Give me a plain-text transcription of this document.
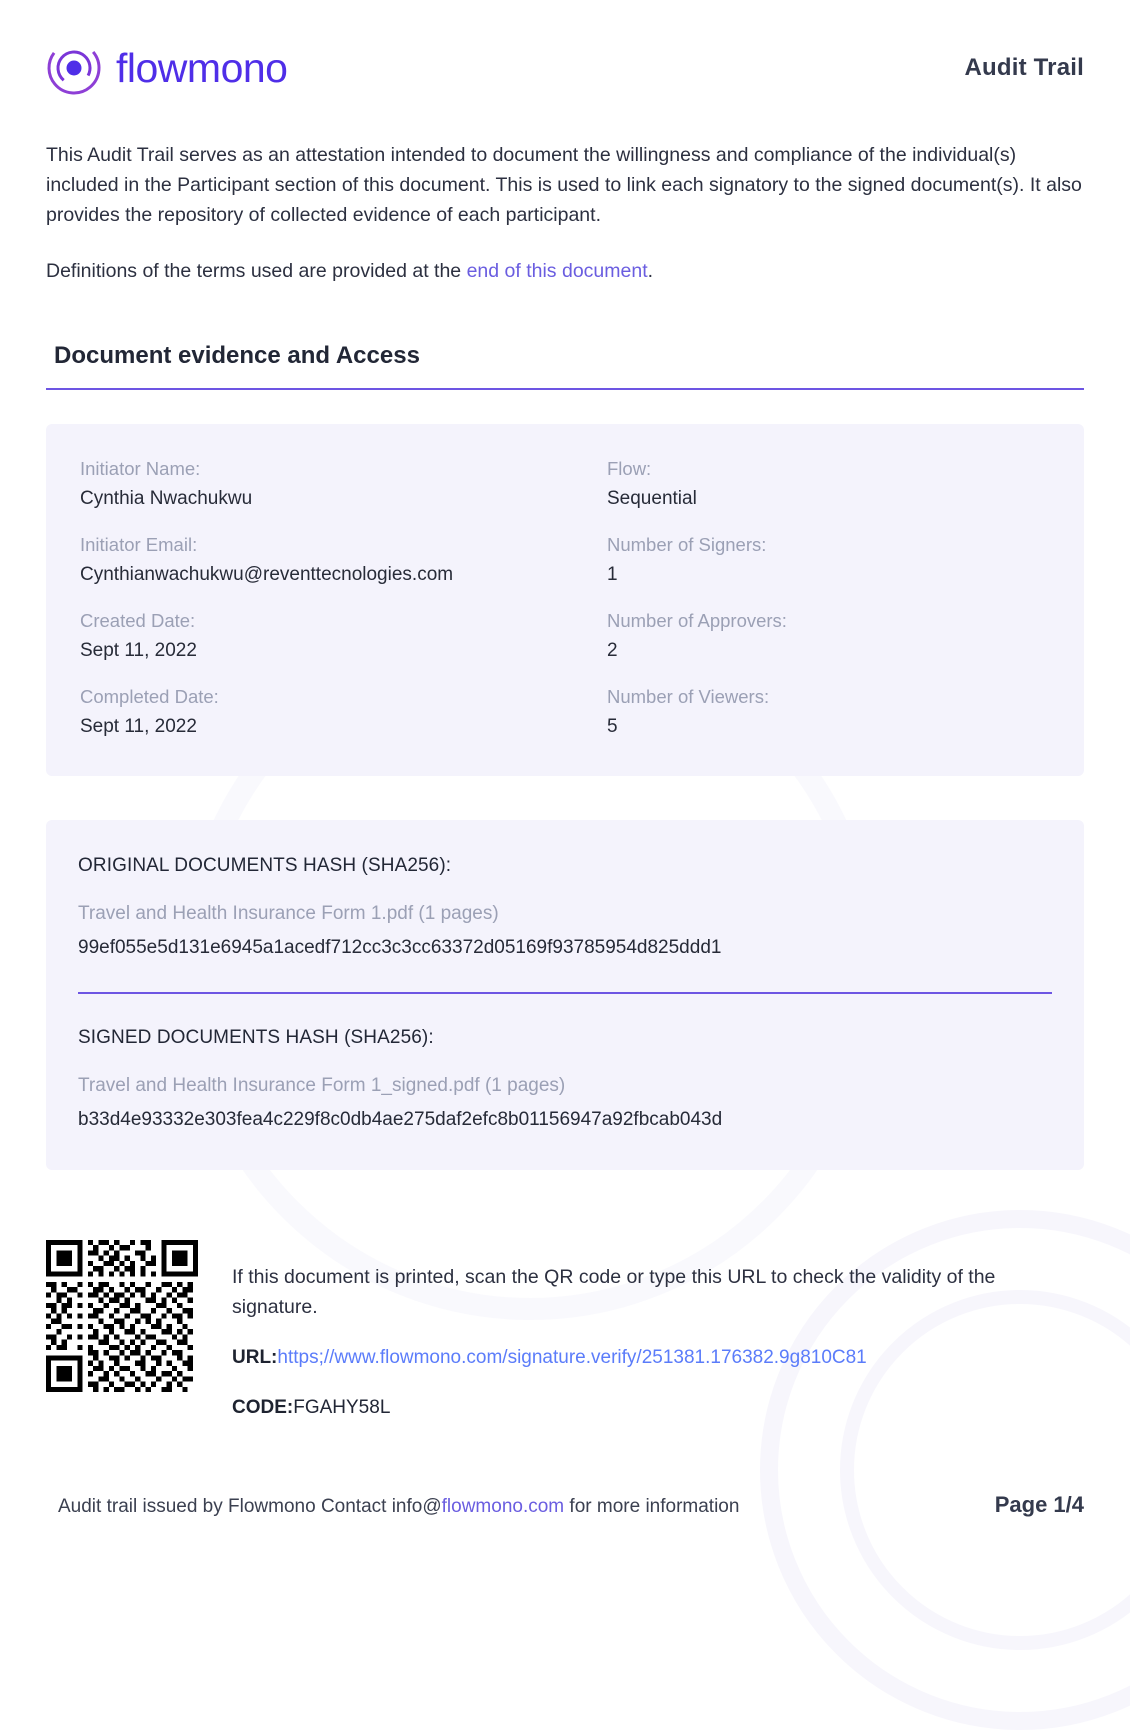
flowmono	Audit Trail

This Audit Trail serves as an attestation intended to document the willingness and compliance of the individual(s) included in the Participant section of this document. This is used to link each signatory to the signed document(s). It also provides the repository of collected evidence of each participant.

Definitions of the terms used are provided at the end of this document.

Document evidence and Access
Initiator Name:
Cynthia Nwachukwu
Initiator Email:
Cynthianwachukwu@reventtecnologies.com
Created Date:
Sept 11, 2022
Completed Date:
Sept 11, 2022
Flow:
Sequential
Number of Signers:
1
Number of Approvers:
2
Number of Viewers:
5
ORIGINAL DOCUMENTS HASH (SHA256):
Travel and Health Insurance Form 1.pdf (1 pages)
99ef055e5d131e6945a1acedf712cc3c3cc63372d05169f93785954d825ddd1
SIGNED DOCUMENTS HASH (SHA256):
Travel and Health Insurance Form 1_signed.pdf (1 pages)
b33d4e93332e303fea4c229f8c0db4ae275daf2efc8b01156947a92fbcab043d
If this document is printed, scan the QR code or type this URL to check the validity of the signature.
URL:https;//www.flowmono.com/signature.verify/251381.176382.9g810C81
CODE:FGAHY58L
Audit trail issued by Flowmono Contact info@flowmono.com for more information	Page 1/4
